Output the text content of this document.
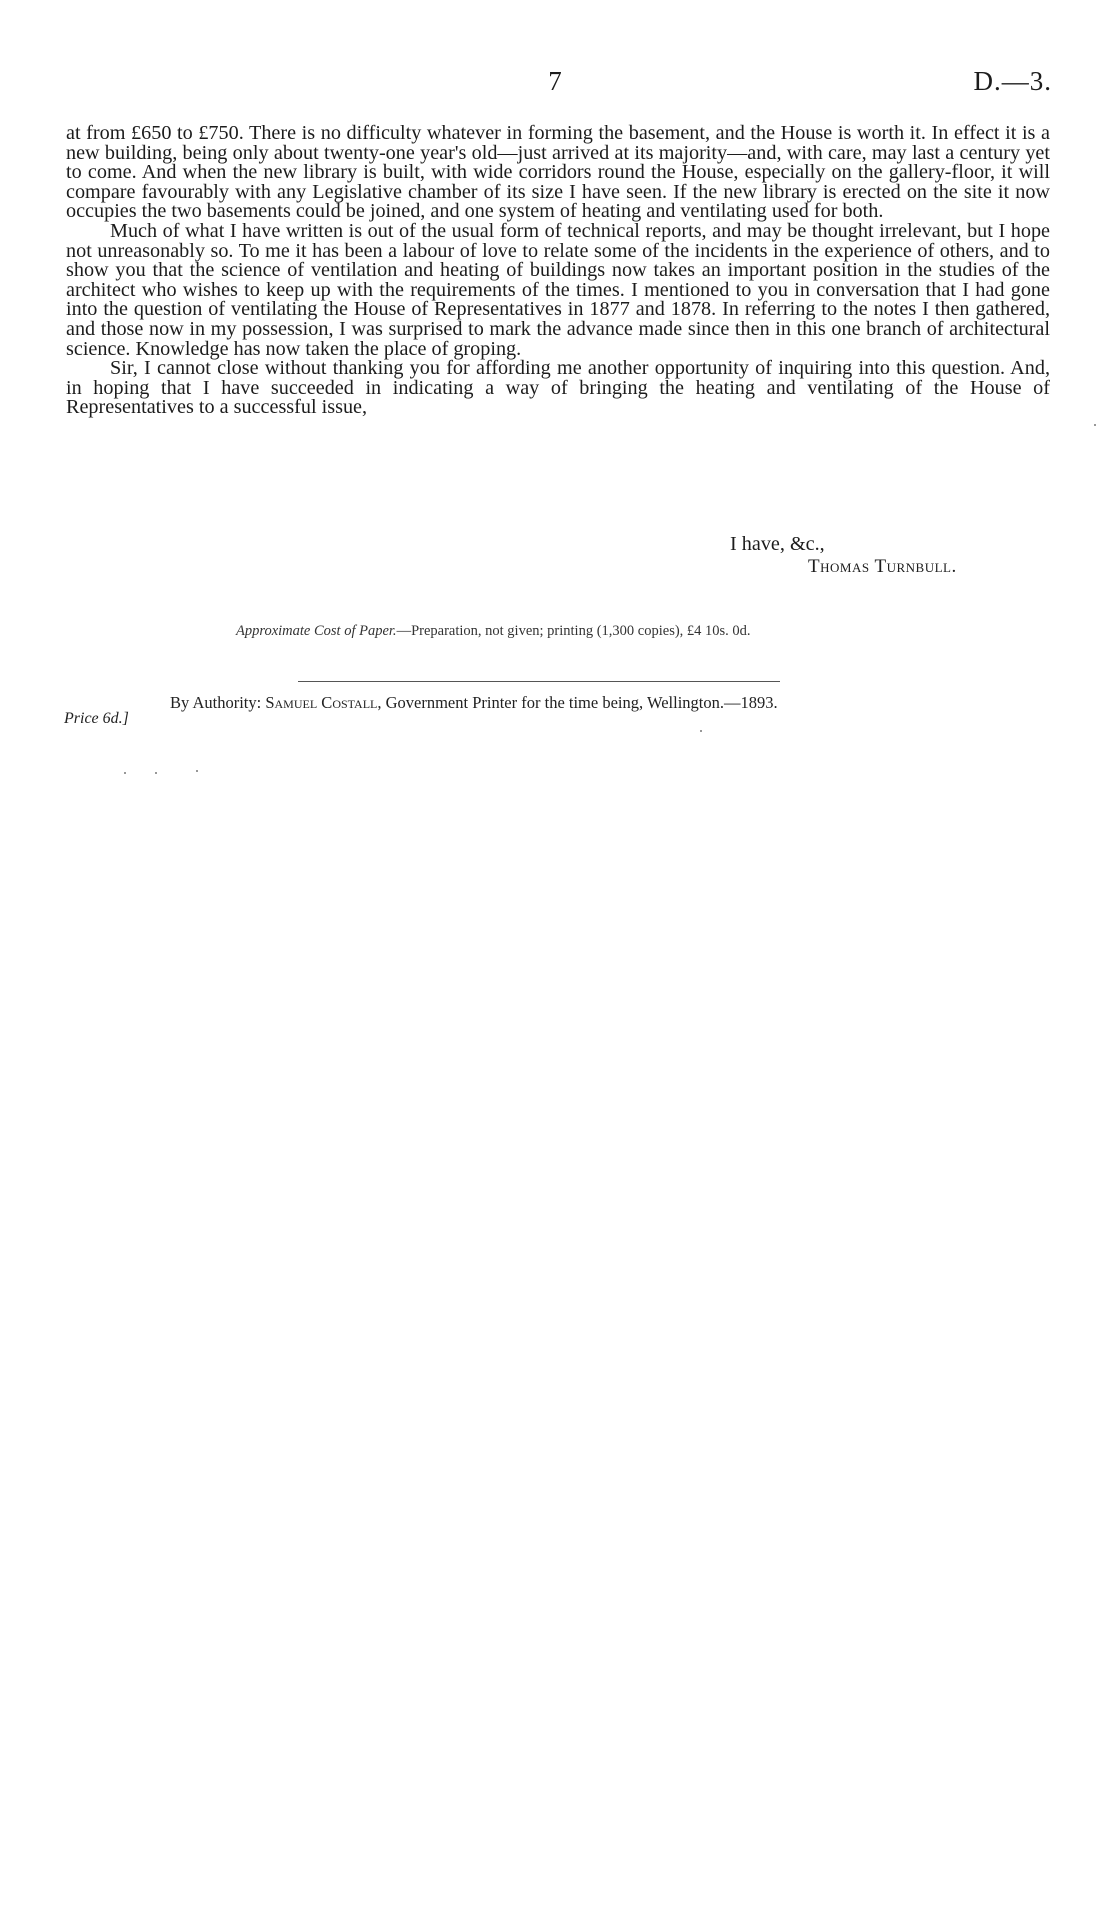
7	D.—3.

at from £650 to £750. There is no difficulty whatever in forming the basement, and the House is worth it. In effect it is a new building, being only about twenty-one year's old—just arrived at its majority—and, with care, may last a century yet to come. And when the new library is built, with wide corridors round the House, especially on the gallery-floor, it will compare favourably with any Legislative chamber of its size I have seen. If the new library is erected on the site it now occupies the two basements could be joined, and one system of heating and ventilating used for both.

Much of what I have written is out of the usual form of technical reports, and may be thought irrelevant, but I hope not unreasonably so. To me it has been a labour of love to relate some of the incidents in the experience of others, and to show you that the science of ventilation and heating of buildings now takes an important position in the studies of the architect who wishes to keep up with the requirements of the times. I mentioned to you in conversation that I had gone into the question of ventilating the House of Representatives in 1877 and 1878. In referring to the notes I then gathered, and those now in my possession, I was surprised to mark the advance made since then in this one branch of architectural science. Knowledge has now taken the place of groping.

Sir, I cannot close without thanking you for affording me another opportunity of inquiring into this question. And, in hoping that I have succeeded in indicating a way of bringing the heating and ventilating of the House of Representatives to a successful issue,

I have, &c.,
Thomas Turnbull.
Approximate Cost of Paper.—Preparation, not given; printing (1,300 copies), £4 10s. 0d.
By Authority: Samuel Costall, Government Printer for the time being, Wellington.—1893.
Price 6d.]
